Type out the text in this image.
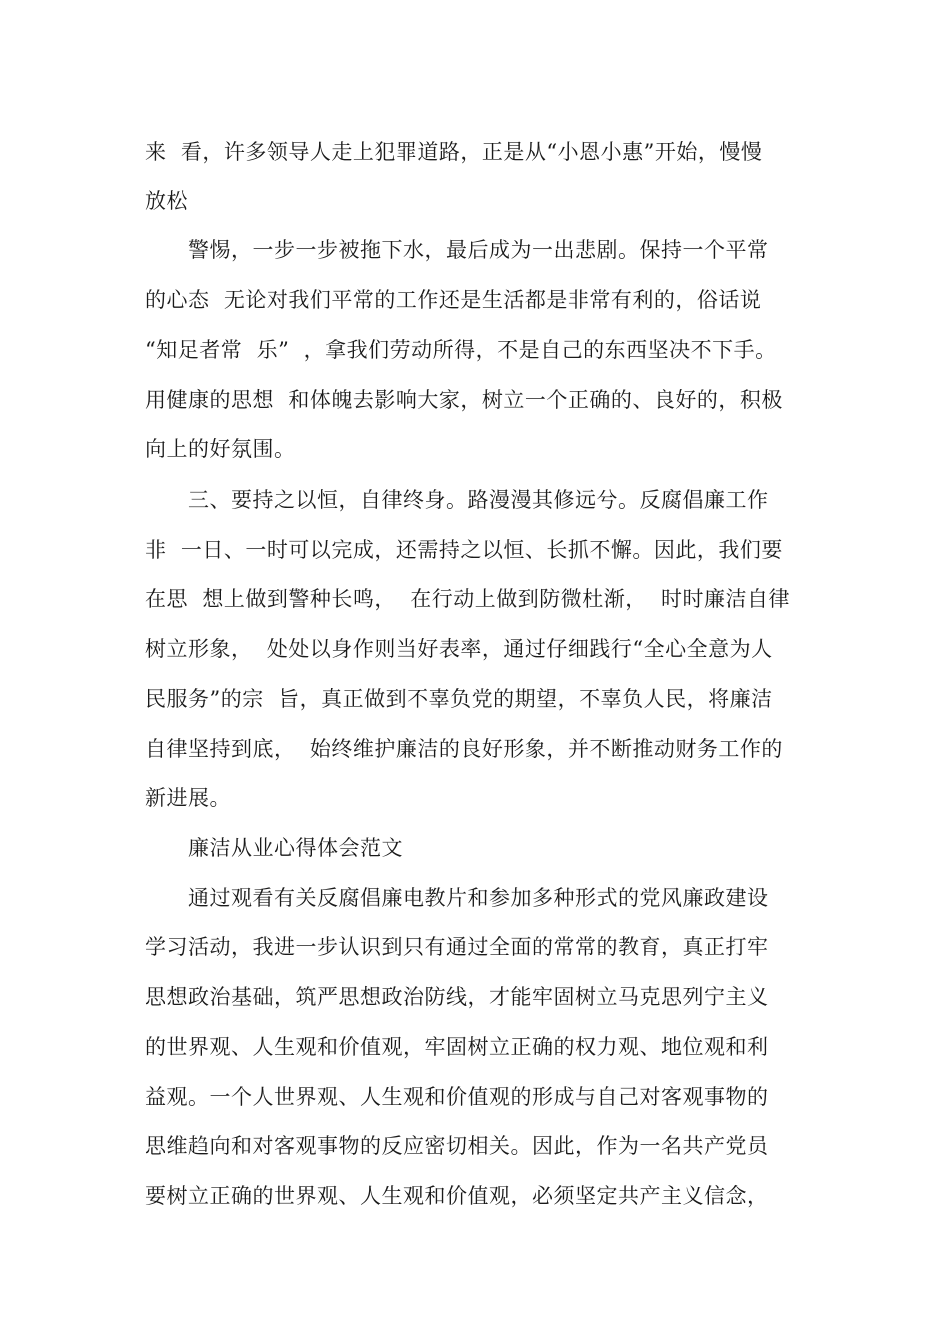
来  看，许多领导人走上犯罪道路，正是从“小恩小惠”开始，慢慢
放松
警惕，一步一步被拖下水，最后成为一出悲剧。保持一个平常
的心态  无论对我们平常的工作还是生活都是非常有利的，俗话说
“知足者常  乐”  ，拿我们劳动所得，不是自己的东西坚决不下手。
用健康的思想  和体魄去影响大家，树立一个正确的、良好的，积极
向上的好氛围。
三、要持之以恒，自律终身。路漫漫其修远兮。反腐倡廉工作
非  一日、一时可以完成，还需持之以恒、长抓不懈。因此，我们要
在思  想上做到警种长鸣，  在行动上做到防微杜渐，  时时廉洁自律
树立形象，  处处以身作则当好表率，通过仔细践行“全心全意为人
民服务”的宗  旨，真正做到不辜负党的期望，不辜负人民，将廉洁
自律坚持到底，  始终维护廉洁的良好形象，并不断推动财务工作的
新进展。
廉洁从业心得体会范文
通过观看有关反腐倡廉电教片和参加多种形式的党风廉政建设
学习活动，我进一步认识到只有通过全面的常常的教育，真正打牢
思想政治基础，筑严思想政治防线，才能牢固树立马克思列宁主义
的世界观、人生观和价值观，牢固树立正确的权力观、地位观和利
益观。一个人世界观、人生观和价值观的形成与自己对客观事物的
思维趋向和对客观事物的反应密切相关。因此，作为一名共产党员
要树立正确的世界观、人生观和价值观，必须坚定共产主义信念，
